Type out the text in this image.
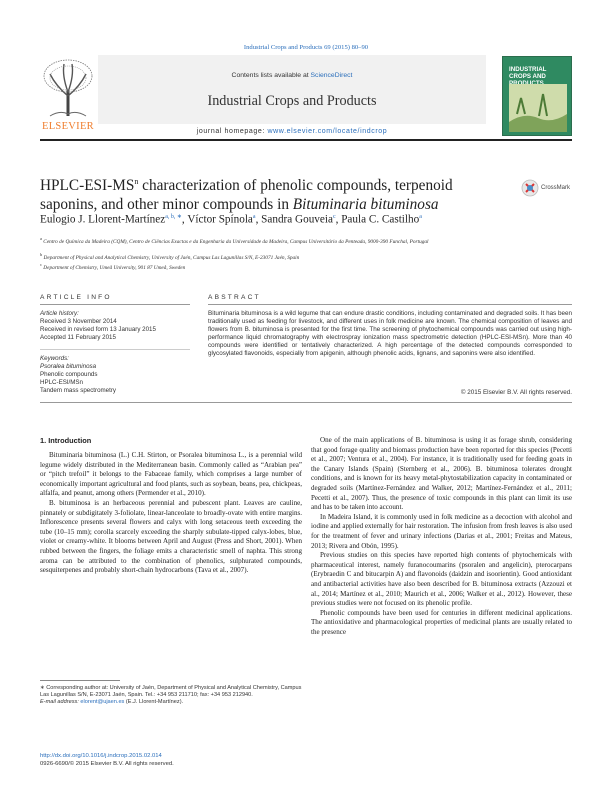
Industrial Crops and Products 69 (2015) 80–90
ELSEVIER
Contents lists available at ScienceDirect
Industrial Crops and Products
journal homepage: www.elsevier.com/locate/indcrop
INDUSTRIAL CROPS AND
HPLC-$ESI-MS^n$ characterization of phenolic compounds, terpenoid
saponins, and other minor compounds in Bituminaria bituminosa
CrossMark
Eulogio J. Llorent-Martínez$^{a, b, ∗}$, Víctor Spínola$^a$, Sandra Gouveia$^c$, Paula C. Castilho$^a$
$^a$ Centro de Química da Madeira (CQM), Centro de Ciências Exactas e da Engenharia da Universidade da Madeira, Campus Universitário da Penteada, 9000-390 Funchal, Portugal
$^b$ Department of Physical and Analytical Chemistry, University of Jaén, Campus Las Lagunillas S/N, E-23071 Jaén, Spain
$^c$ Department of Chemistry, Umeå University, 901 87 Umeå, Sweden
ARTICLE INFO	ABSTRACT
Article history:
Received 3 November 2014
Received in revised form 13 January 2015
Accepted 11 February 2015
Keywords:
Psoralea bituminosa
Phenolic compounds
HPLC-ESI/MSn
Tandem mass spectrometry
Bituminaria bituminosa is a wild legume that can endure drastic conditions, including contaminated and degraded soils. It has been traditionally used as feeding for livestock, and different uses in folk medicine are known. The chemical composition of leaves and flowers from B. bituminosa is presented for the first time. The screening of phytochemical compounds was carried out using high-performance liquid chromatography with electrospray ionization mass spectrometric detection (HPLC-ESI-MSn). More than 40 compounds were identified or tentatively characterized. A high percentage of the detected compounds corresponded to glycosylated flavonoids, especially from apigenin, although phenolic acids, lignans, and saponins were also identified.
© 2015 Elsevier B.V. All rights reserved.
1. Introduction

Bituminaria bituminosa (L.) C.H. Stirton, or Psoralea bituminosa L., is a perennial wild legume widely distributed in the Mediterranean basin. Commonly called as “Arabian pea” or “pitch trefoil” it belongs to the Fabaceae family, which comprises a large number of economically important agricultural and food plants, such as soybean, beans, pea, chickpeas, alfalfa, and peanut, among others (Permender et al., 2010).

B. bituminosa is an herbaceous perennial and pubescent plant. Leaves are cauline, pinnately or subdigitately 3-foliolate, linear-lanceolate to broadly-ovate with entire margins. Inflorescence presents several flowers and calyx with long setaceous teeth exceeding the tube (10–15 mm); corolla scarcely exceeding the sharply subulate-tipped calyx-lobes, blue, violet or creamy-white. It blooms between April and August (Press and Short, 2001). When rubbed between the fingers, the foliage emits a characteristic smell of naphta. This strong aroma can be attributed to the combination of phenolics, sulphurated compounds, sesquiterpenes and probably short-chain hydrocarbons (Tava et al., 2007).

One of the main applications of B. bituminosa is using it as forage shrub, considering that good forage quality and biomass production have been reported for this species (Pecetti et al., 2007; Ventura et al., 2004). For instance, it is traditionally used for feeding goats in the Canary Islands (Spain) (Sternberg et al., 2006). B. bituminosa tolerates drought conditions, and is known for its heavy metal-phytostabilization capacity in contaminated or degraded soils (Martínez-Fernández and Walker, 2012; Martínez-Fernández et al., 2011; Pecetti et al., 2007). Thus, the presence of toxic compounds in this plant can limit its use and has to be taken into account.

In Madeira Island, it is commonly used in folk medicine as a decoction with alcohol and iodine and applied externally for hair restoration. The infusion from fresh leaves is also used for the treatment of fever and urinary infections (Darias et al., 2001; Freitas and Mateus, 2013; Rivera and Obón, 1995).

Previous studies on this species have reported high contents of phytochemicals with pharmaceutical interest, namely furanocoumarins (psoralen and angelicin), pterocarpans (Erybraedin C and bitucarpin A) and flavonoids (daidzin and isoorientin). Good antioxidant and antibacterial activities have also been described for B. bituminosa extracts (Azzouzi et al., 2014; Martínez et al., 2010; Maurich et al., 2006; Walker et al., 2012). However, these previous studies were not focused on its phenolic profile.

Phenolic compounds have been used for centuries in different medicinal applications. The antioxidative and pharmacological properties of medicinal plants are usually related to the presence

∗ Corresponding author at: University of Jaén, Department of Physical and Analytical Chemistry, Campus Las Lagunillas S/N, E-23071 Jaén, Spain. Tel.: +34 953 211710; fax: +34 953 212940.
E-mail address: elorent@ujaen.es (E.J. Llorent-Martínez).
http://dx.doi.org/10.1016/j.indcrop.2015.02.014
0926-6690/© 2015 Elsevier B.V. All rights reserved.
